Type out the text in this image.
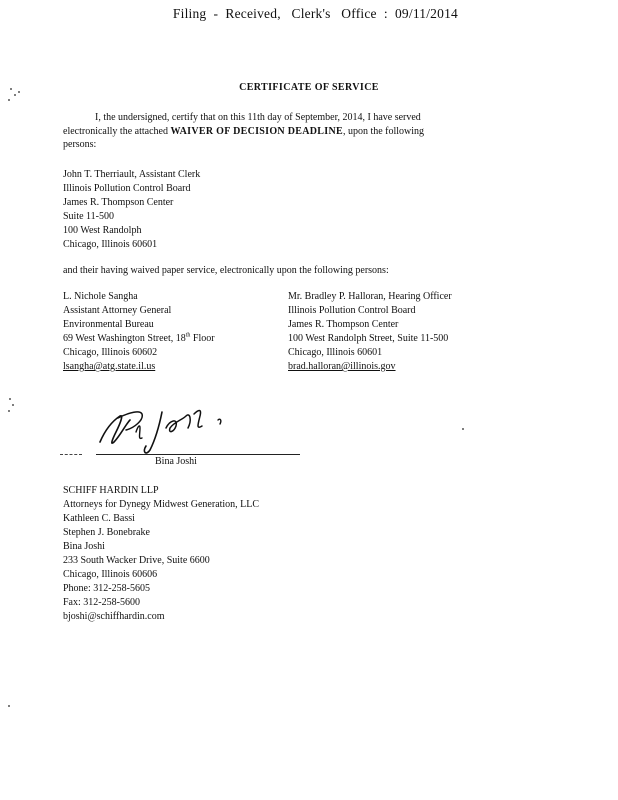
Filing  -  Received,   Clerk's   Office  :  09/11/2014
CERTIFICATE OF SERVICE

I, the undersigned, certify that on this 11th day of September, 2014, I have served

electronically the attached WAIVER OF DECISION DEADLINE, upon the following

persons:

John T. Therriault, Assistant Clerk
Illinois Pollution Control Board
James R. Thompson Center
Suite 11-500
100 West Randolph
Chicago, Illinois 60601
and their having waived paper service, electronically upon the following persons:
L. Nichole Sangha
Assistant Attorney General
Environmental Bureau
69 West Washington Street, 18th Floor
Chicago, Illinois 60602
lsangha@atg.state.il.us
Mr. Bradley P. Halloran, Hearing Officer
Illinois Pollution Control Board
James R. Thompson Center
100 West Randolph Street, Suite 11-500
Chicago, Illinois 60601
brad.halloran@illinois.gov
Bina Joshi
SCHIFF HARDIN LLP
Attorneys for Dynegy Midwest Generation, LLC
Kathleen C. Bassi
Stephen J. Bonebrake
Bina Joshi
233 South Wacker Drive, Suite 6600
Chicago, Illinois 60606
Phone: 312-258-5605
Fax: 312-258-5600
bjoshi@schiffhardin.com
